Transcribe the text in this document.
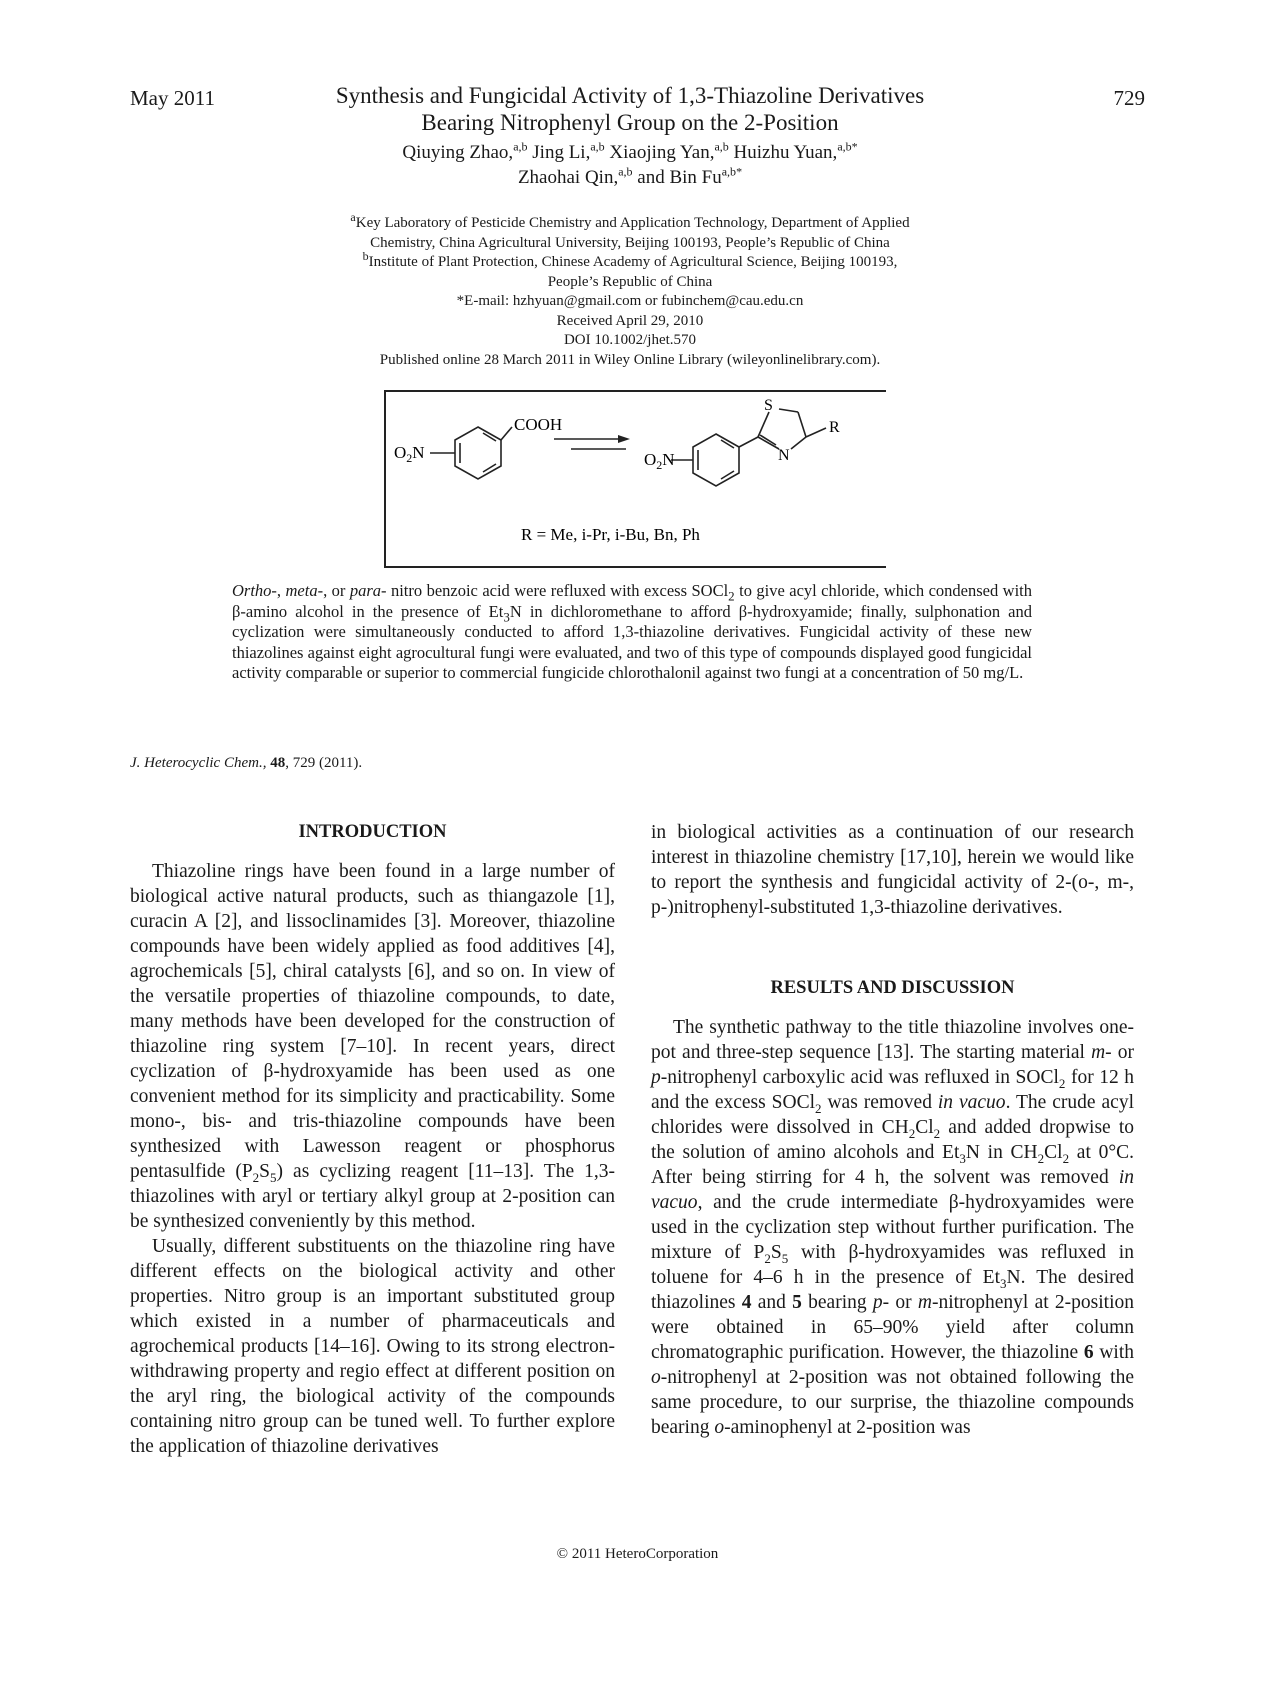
May 2011	729
Synthesis and Fungicidal Activity of 1,3-Thiazoline Derivatives
Bearing Nitrophenyl Group on the 2-Position
Qiuying Zhao,$^{a,b}$ Jing Li,$^{a,b}$ Xiaojing Yan,$^{a,b}$ Huizhu Yuan,$^{a,b*}$
Zhaohai Qin,$^{a,b}$ and Bin $Fu^{a,b*}$
$^a$Key Laboratory of Pesticide Chemistry and Application Technology, Department of Applied
Chemistry, China Agricultural University, Beijing 100193, People’s Republic of China
$^b$Institute of Plant Protection, Chinese Academy of Agricultural Science, Beijing 100193,
People’s Republic of China
*E-mail: hzhyuan@gmail.com or fubinchem@cau.edu.cn
Received April 29, 2010
DOI 10.1002/jhet.570
Published online 28 March 2011 in Wiley Online Library (wileyonlinelibrary.com).
COOH
$O_2N$	$O_2N$
S
N
R
R = Me, i-Pr, i-Bu, Bn, Ph
Ortho-, meta-, or para- nitro benzoic acid were refluxed with excess SOCl$_2$ to give acyl chloride, which condensed with β-amino alcohol in the presence of $Et_3N$ in dichloromethane to afford β-hydroxyamide; finally, sulphonation and cyclization were simultaneously conducted to afford 1,3-thiazoline derivatives. Fungicidal activity of these new thiazolines against eight agrocultural fungi were evaluated, and two of this type of compounds displayed good fungicidal activity comparable or superior to commercial fungicide chlorothalonil against two fungi at a concentration of 50 mg/L.
J. Heterocyclic Chem., 48, 729 (2011).
INTRODUCTION

Thiazoline rings have been found in a large number of biological active natural products, such as thiangazole [1], curacin A [2], and lissoclinamides [3]. Moreover, thiazoline compounds have been widely applied as food additives [4], agrochemicals [5], chiral catalysts [6], and so on. In view of the versatile properties of thiazoline compounds, to date, many methods have been developed for the construction of thiazoline ring system [7–10]. In recent years, direct cyclization of β-hydroxyamide has been used as one convenient method for its simplicity and practicability. Some mono-, bis- and tris-thiazoline compounds have been synthesized with Lawesson reagent or phosphorus pentasulfide $(P_2S_5)$ as cyclizing reagent [11–13]. The 1,3-thiazolines with aryl or tertiary alkyl group at 2-position can be synthesized conveniently by this method.

Usually, different substituents on the thiazoline ring have different effects on the biological activity and other properties. Nitro group is an important substituted group which existed in a number of pharmaceuticals and agrochemical products [14–16]. Owing to its strong electron-withdrawing property and regio effect at different position on the aryl ring, the biological activity of the compounds containing nitro group can be tuned well. To further explore the application of thiazoline derivatives

in biological activities as a continuation of our research interest in thiazoline chemistry [17,10], herein we would like to report the synthesis and fungicidal activity of 2-(o-, m-, p-)nitrophenyl-substituted 1,3-thiazoline derivatives.

RESULTS AND DISCUSSION

The synthetic pathway to the title thiazoline involves one-pot and three-step sequence [13]. The starting material m- or p-nitrophenyl carboxylic acid was refluxed in SOCl$_2$ for 12 h and the excess SOCl$_2$ was removed in vacuo. The crude acyl chlorides were dissolved in $CH_2Cl_2$ and added dropwise to the solution of amino alcohols and $Et_3N$ in $CH_2Cl_2$ at 0°C. After being stirring for 4 h, the solvent was removed in vacuo, and the crude intermediate β-hydroxyamides were used in the cyclization step without further purification. The mixture of $P_2S_5$ with β-hydroxyamides was refluxed in toluene for 4–6 h in the presence of $Et_3N$. The desired thiazolines 4 and 5 bearing p- or m-nitrophenyl at 2-position were obtained in 65–90% yield after column chromatographic purification. However, the thiazoline 6 with o-nitrophenyl at 2-position was not obtained following the same procedure, to our surprise, the thiazoline compounds bearing o-aminophenyl at 2-position was

© 2011 HeteroCorporation
